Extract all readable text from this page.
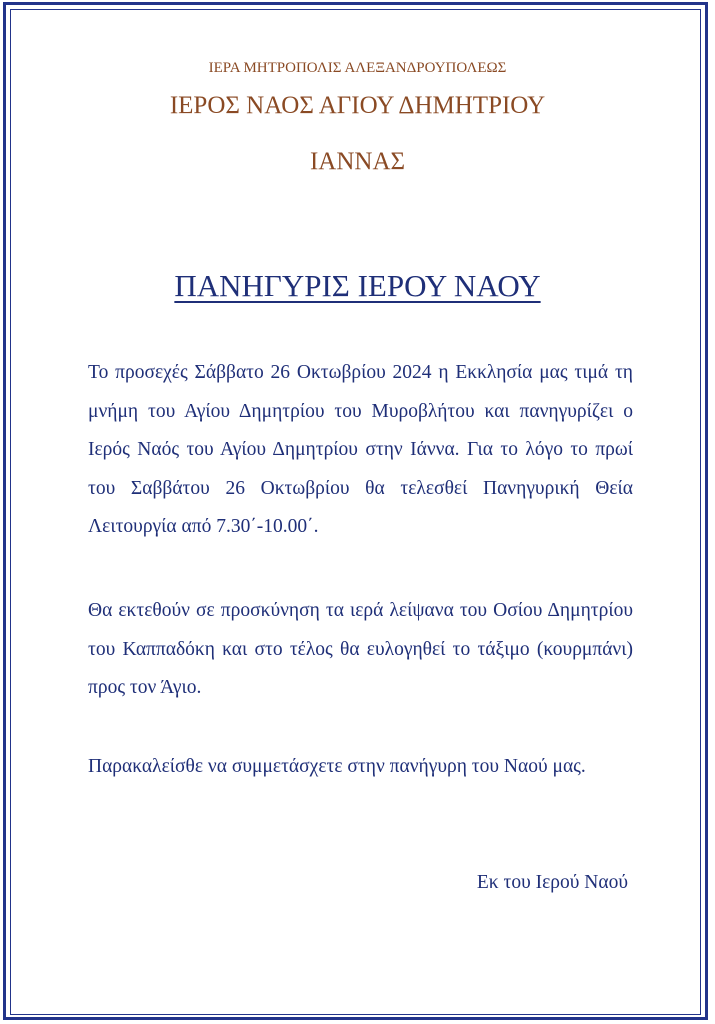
ΙΕΡΑ ΜΗΤΡΟΠΟΛΙΣ ΑΛΕΞΑΝΔΡΟΥΠΟΛΕΩΣ
ΙΕΡΟΣ ΝΑΟΣ ΑΓΙΟΥ ΔΗΜΗΤΡΙΟΥ
ΙΑΝΝΑΣ
ΠΑΝΗΓΥΡΙΣ ΙΕΡΟΥ ΝΑΟΥ
Το προσεχές Σάββατο 26 Οκτωβρίου 2024 η Εκκλησία μας τιμά τη μνήμη του Αγίου Δημητρίου του Μυροβλήτου και πανηγυρίζει ο Ιερός Ναός του Αγίου Δημητρίου στην Ιάννα. Για το λόγο το πρωί του Σαββάτου 26 Οκτωβρίου θα τελεσθεί Πανηγυρική Θεία Λειτουργία από 7.30΄-10.00΄.
Θα εκτεθούν σε προσκύνηση τα ιερά λείψανα του Οσίου Δημητρίου του Καππαδόκη και στο τέλος θα ευλογηθεί το τάξιμο (κουρμπάνι) προς τον Άγιο.
Παρακαλείσθε να συμμετάσχετε στην πανήγυρη του Ναού μας.
Εκ του Ιερού Ναού
